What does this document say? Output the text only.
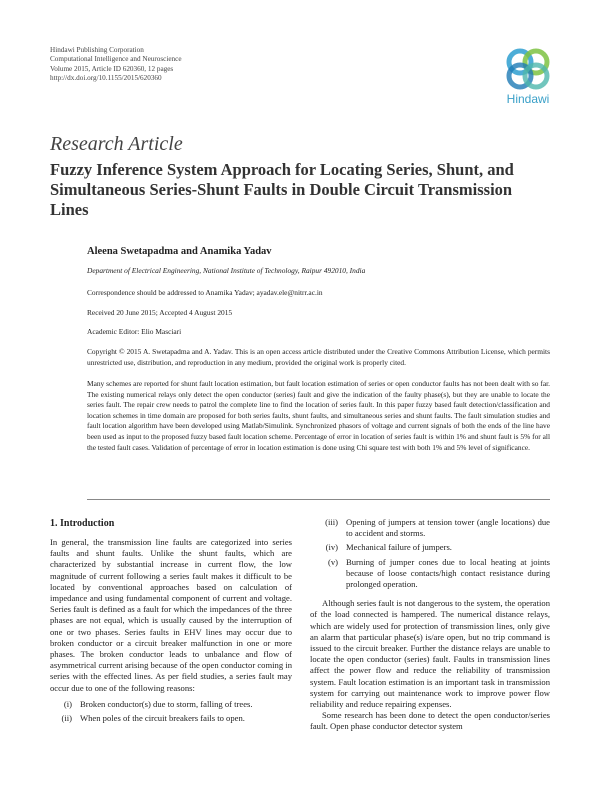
Hindawi Publishing Corporation
Computational Intelligence and Neuroscience
Volume 2015, Article ID 620360, 12 pages
http://dx.doi.org/10.1155/2015/620360
Hindawi
Research Article
Fuzzy Inference System Approach for Locating Series, Shunt, and Simultaneous Series-Shunt Faults in Double Circuit Transmission Lines
Aleena Swetapadma and Anamika Yadav
Department of Electrical Engineering, National Institute of Technology, Raipur 492010, India
Correspondence should be addressed to Anamika Yadav; ayadav.ele@nitrr.ac.in
Received 20 June 2015; Accepted 4 August 2015
Academic Editor: Elio Masciari
Copyright © 2015 A. Swetapadma and A. Yadav. This is an open access article distributed under the Creative Commons Attribution License, which permits unrestricted use, distribution, and reproduction in any medium, provided the original work is properly cited.
Many schemes are reported for shunt fault location estimation, but fault location estimation of series or open conductor faults has not been dealt with so far. The existing numerical relays only detect the open conductor (series) fault and give the indication of the faulty phase(s), but they are unable to locate the series fault. The repair crew needs to patrol the complete line to find the location of series fault. In this paper fuzzy based fault detection/classification and location schemes in time domain are proposed for both series faults, shunt faults, and simultaneous series and shunt faults. The fault simulation studies and fault location algorithm have been developed using Matlab/Simulink. Synchronized phasors of voltage and current signals of both the ends of the line have been used as input to the proposed fuzzy based fault location scheme. Percentage of error in location of series fault is within 1% and shunt fault is 5% for all the tested fault cases. Validation of percentage of error in location estimation is done using Chi square test with both 1% and 5% level of significance.
1. Introduction

In general, the transmission line faults are categorized into series faults and shunt faults. Unlike the shunt faults, which are characterized by substantial increase in current flow, the low magnitude of current following a series fault makes it difficult to be located by conventional approaches based on calculation of impedance and using fundamental component of current and voltage. Series fault is defined as a fault for which the impedances of the three phases are not equal, which is usually caused by the interruption of one or two phases. Series faults in EHV lines may occur due to broken conductor or a circuit breaker malfunction in one or more phases. The broken conductor leads to unbalance and flow of asymmetrical current arising because of the open conductor coming in series with the effected lines. As per field studies, a series fault may occur due to one of the following reasons:

(i) Broken conductor(s) due to storm, falling of trees.
(ii) When poles of the circuit breakers fails to open.
(iii) Opening of jumpers at tension tower (angle locations) due to accident and storms.
(iv) Mechanical failure of jumpers.
(v) Burning of jumper cones due to local heating at joints because of loose contacts/high contact resistance during prolonged operation.

Although series fault is not dangerous to the system, the operation of the load connected is hampered. The numerical distance relays, which are widely used for protection of transmission lines, only give an alarm that particular phase(s) is/are open, but no trip command is issued to the circuit breaker. Further the distance relays are unable to locate the open conductor (series) fault. Faults in transmission lines affect the power flow and reduce the reliability of transmission system. Fault location estimation is an important task in transmission system for carrying out maintenance work to improve power flow reliability and reduce repairing expenses.

Some research has been done to detect the open conductor/series fault. Open phase conductor detector system
